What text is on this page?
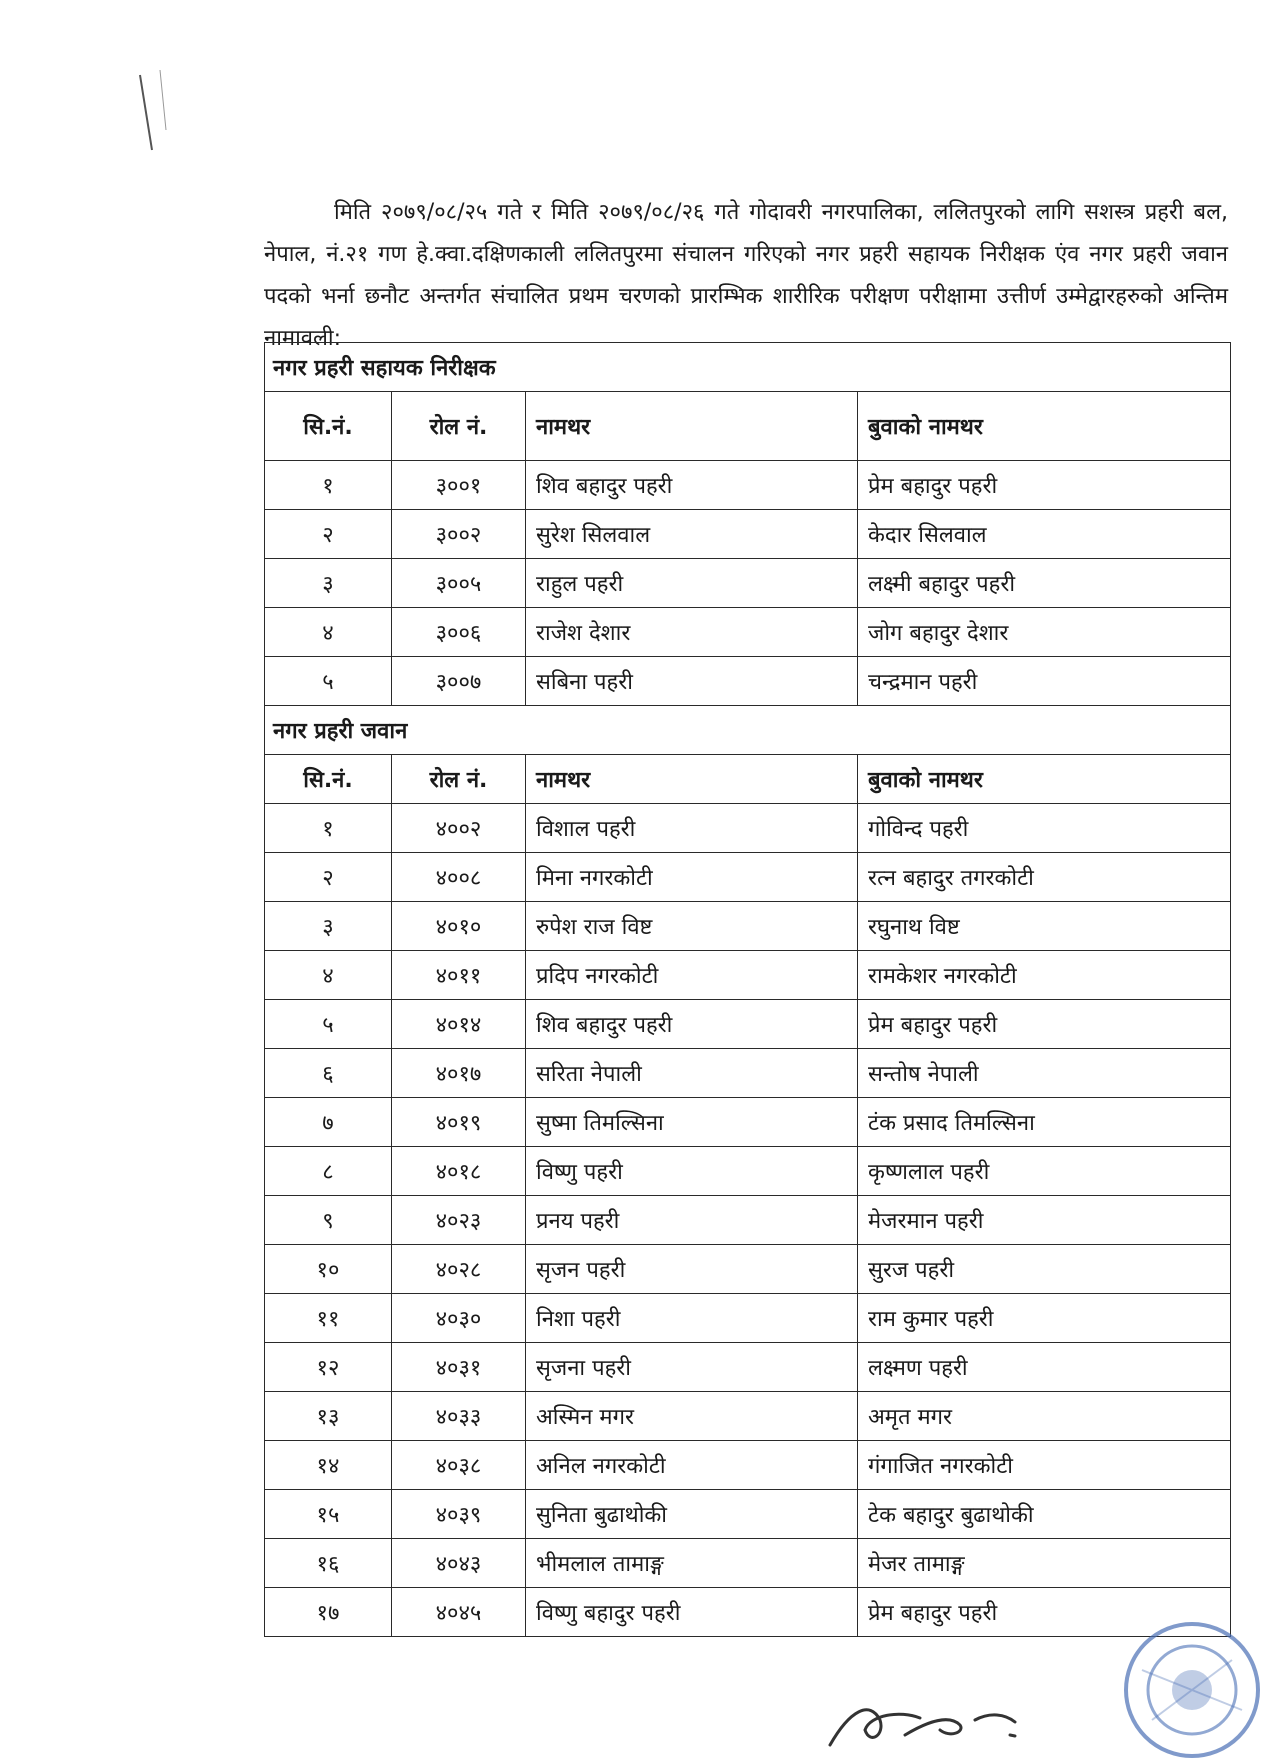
मिति २०७९/०८/२५ गते र मिति २०७९/०८/२६ गते गोदावरी नगरपालिका, ललितपुरको लागि सशस्त्र प्रहरी बल, नेपाल, नं.२१ गण हे.क्वा.दक्षिणकाली ललितपुरमा संचालन गरिएको नगर प्रहरी सहायक निरीक्षक एंव नगर प्रहरी जवान पदको भर्ना छनौट अन्तर्गत संचालित प्रथम चरणको प्रारम्भिक शारीरिक परीक्षण परीक्षामा उत्तीर्ण उम्मेद्वारहरुको अन्तिम नामावली:

नगर प्रहरी सहायक निरीक्षक			
सि.नं.	रोल नं.	नामथर	बुवाको नामथर
१	३००१	शिव बहादुर पहरी	प्रेम बहादुर पहरी
२	३००२	सुरेश सिलवाल	केदार सिलवाल
३	३००५	राहुल पहरी	लक्ष्मी बहादुर पहरी
४	३००६	राजेश देशार	जोग बहादुर देशार
५	३००७	सबिना पहरी	चन्द्रमान पहरी
नगर प्रहरी जवान			
सि.नं.	रोल नं.	नामथर	बुवाको नामथर
१	४००२	विशाल पहरी	गोविन्द पहरी
२	४००८	मिना नगरकोटी	रत्न बहादुर तगरकोटी
३	४०१०	रुपेश राज विष्ट	रघुनाथ विष्ट
४	४०११	प्रदिप नगरकोटी	रामकेशर नगरकोटी
५	४०१४	शिव बहादुर पहरी	प्रेम बहादुर पहरी
६	४०१७	सरिता नेपाली	सन्तोष नेपाली
७	४०१९	सुष्मा तिमल्सिना	टंक प्रसाद तिमल्सिना
८	४०१८	विष्णु पहरी	कृष्णलाल पहरी
९	४०२३	प्रनय पहरी	मेजरमान पहरी
१०	४०२८	सृजन पहरी	सुरज पहरी
११	४०३०	निशा पहरी	राम कुमार पहरी
१२	४०३१	सृजना पहरी	लक्ष्मण पहरी
१३	४०३३	अस्मिन मगर	अमृत मगर
१४	४०३८	अनिल नगरकोटी	गंगाजित नगरकोटी
१५	४०३९	सुनिता बुढाथोकी	टेक बहादुर बुढाथोकी
१६	४०४३	भीमलाल तामाङ्ग	मेजर तामाङ्ग
१७	४०४५	विष्णु बहादुर पहरी	प्रेम बहादुर पहरी
